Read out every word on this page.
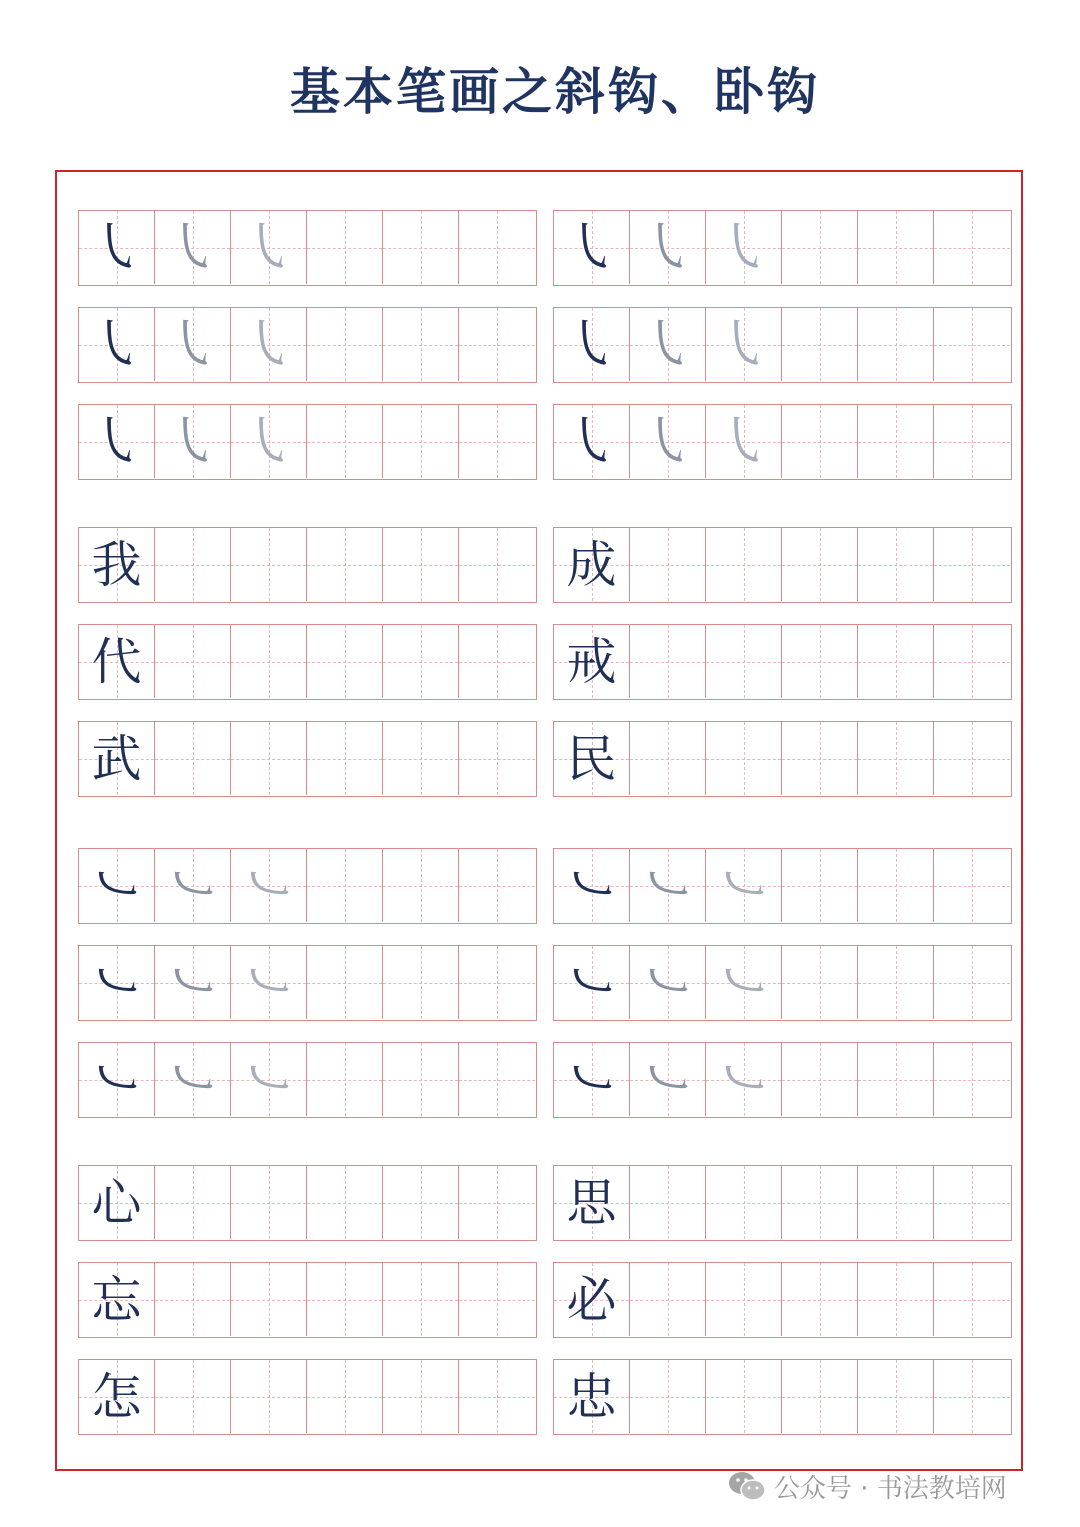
基本笔画之斜钩、卧钩
㇂ ㇂ ㇂
㇂ ㇂ ㇂
㇂ ㇂ ㇂
㇂ ㇂ ㇂
㇂ ㇂ ㇂
㇂ ㇂ ㇂
我
代
武
成
戒
民
㇃ ㇃ ㇃
㇃ ㇃ ㇃
㇃ ㇃ ㇃
㇃ ㇃ ㇃
㇃ ㇃ ㇃
㇃ ㇃ ㇃
心
忘
怎
思
必
忠
公众号 · 书法教培网
